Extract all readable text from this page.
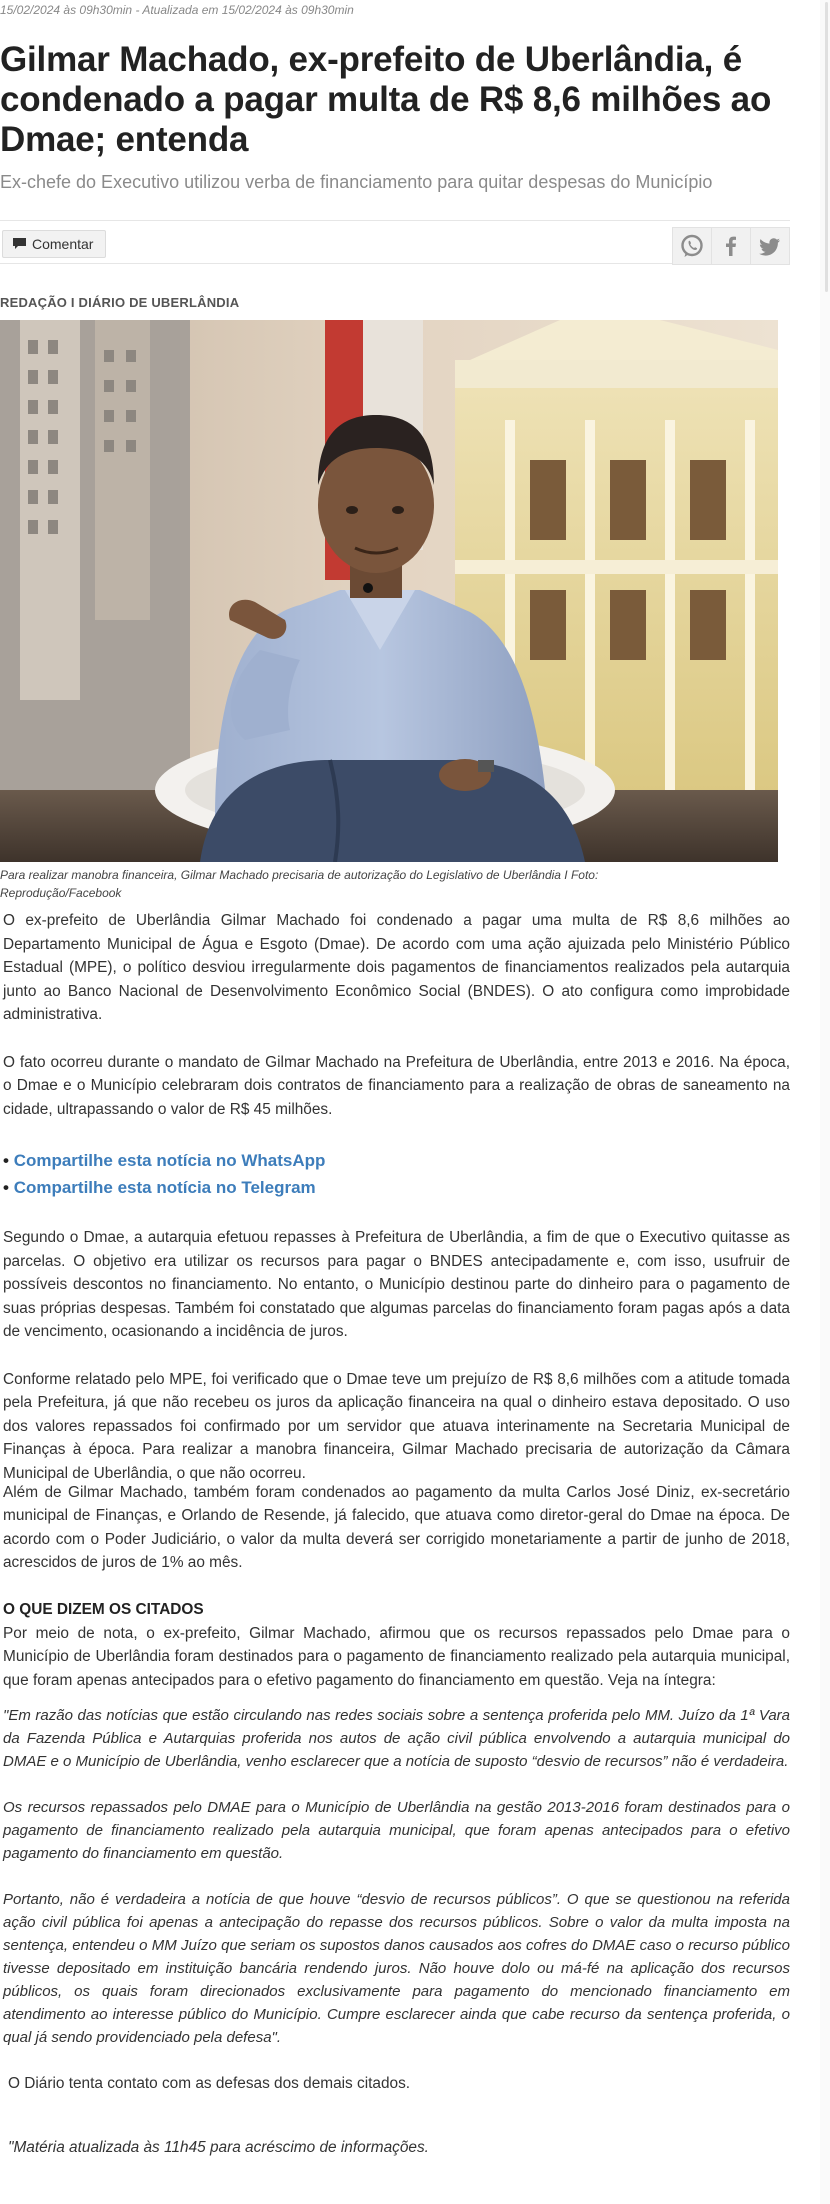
15/02/2024 às 09h30min - Atualizada em 15/02/2024 às 09h30min

Gilmar Machado, ex-prefeito de Uberlândia, é condenado a pagar multa de R$ 8,6 milhões ao Dmae; entenda

Ex-chefe do Executivo utilizou verba de financiamento para quitar despesas do Município

Comentar

REDAÇÃO I DIÁRIO DE UBERLÂNDIA

Para realizar manobra financeira, Gilmar Machado precisaria de autorização do Legislativo de Uberlândia I Foto: Reprodução/Facebook

O ex-prefeito de Uberlândia Gilmar Machado foi condenado a pagar uma multa de R$ 8,6 milhões ao Departamento Municipal de Água e Esgoto (Dmae). De acordo com uma ação ajuizada pelo Ministério Público Estadual (MPE), o político desviou irregularmente dois pagamentos de financiamentos realizados pela autarquia junto ao Banco Nacional de Desenvolvimento Econômico Social (BNDES). O ato configura como improbidade administrativa.

O fato ocorreu durante o mandato de Gilmar Machado na Prefeitura de Uberlândia, entre 2013 e 2016. Na época, o Dmae e o Município celebraram dois contratos de financiamento para a realização de obras de saneamento na cidade, ultrapassando o valor de R$ 45 milhões.

• Compartilhe esta notícia no WhatsApp
• Compartilhe esta notícia no Telegram

Segundo o Dmae, a autarquia efetuou repasses à Prefeitura de Uberlândia, a fim de que o Executivo quitasse as parcelas. O objetivo era utilizar os recursos para pagar o BNDES antecipadamente e, com isso, usufruir de possíveis descontos no financiamento. No entanto, o Município destinou parte do dinheiro para o pagamento de suas próprias despesas. Também foi constatado que algumas parcelas do financiamento foram pagas após a data de vencimento, ocasionando a incidência de juros.

Conforme relatado pelo MPE, foi verificado que o Dmae teve um prejuízo de R$ 8,6 milhões com a atitude tomada pela Prefeitura, já que não recebeu os juros da aplicação financeira na qual o dinheiro estava depositado. O uso dos valores repassados foi confirmado por um servidor que atuava interinamente na Secretaria Municipal de Finanças à época. Para realizar a manobra financeira, Gilmar Machado precisaria de autorização da Câmara Municipal de Uberlândia, o que não ocorreu.

Além de Gilmar Machado, também foram condenados ao pagamento da multa Carlos José Diniz, ex-secretário municipal de Finanças, e Orlando de Resende, já falecido, que atuava como diretor-geral do Dmae na época. De acordo com o Poder Judiciário, o valor da multa deverá ser corrigido monetariamente a partir de junho de 2018, acrescidos de juros de 1% ao mês.

O QUE DIZEM OS CITADOS

Por meio de nota, o ex-prefeito, Gilmar Machado, afirmou que os recursos repassados pelo Dmae para o Município de Uberlândia foram destinados para o pagamento de financiamento realizado pela autarquia municipal, que foram apenas antecipados para o efetivo pagamento do financiamento em questão. Veja na íntegra:

"Em razão das notícias que estão circulando nas redes sociais sobre a sentença proferida pelo MM. Juízo da 1ª Vara da Fazenda Pública e Autarquias proferida nos autos de ação civil pública envolvendo a autarquia municipal do DMAE e o Município de Uberlândia, venho esclarecer que a notícia de suposto “desvio de recursos” não é verdadeira.

Os recursos repassados pelo DMAE para o Município de Uberlândia na gestão 2013-2016 foram destinados para o pagamento de financiamento realizado pela autarquia municipal, que foram apenas antecipados para o efetivo pagamento do financiamento em questão.

Portanto, não é verdadeira a notícia de que houve “desvio de recursos públicos”. O que se questionou na referida ação civil pública foi apenas a antecipação do repasse dos recursos públicos. Sobre o valor da multa imposta na sentença, entendeu o MM Juízo que seriam os supostos danos causados aos cofres do DMAE caso o recurso público tivesse depositado em instituição bancária rendendo juros. Não houve dolo ou má-fé na aplicação dos recursos públicos, os quais foram direcionados exclusivamente para pagamento do mencionado financiamento em atendimento ao interesse público do Município. Cumpre esclarecer ainda que cabe recurso da sentença proferida, o qual já sendo providenciado pela defesa".

O Diário tenta contato com as defesas dos demais citados.

"Matéria atualizada às 11h45 para acréscimo de informações.
